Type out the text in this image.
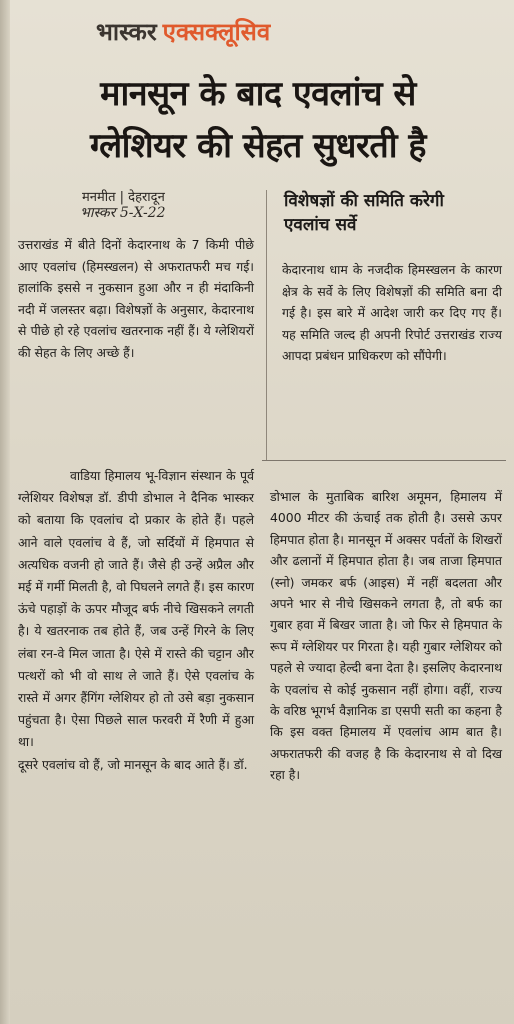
भास्कर एक्सक्लूसिव
मानसून के बाद एवलांच से
ग्लेशियर की सेहत सुधरती है
मनमीत | देहरादून
भास्कर 5-X-22

उत्तराखंड में बीते दिनों केदारनाथ के 7 किमी पीछे आए एवलांच (हिमस्खलन) से अफरातफरी मच गई। हालांकि इससे न नुकसान हुआ और न ही मंदाकिनी नदी में जलस्तर बढ़ा। विशेषज्ञों के अनुसार, केदारनाथ से पीछे हो रहे एवलांच खतरनाक नहीं हैं। ये ग्लेशियरों की सेहत के लिए अच्छे हैं।

विशेषज्ञों की समिति करेगी एवलांच सर्वे

केदारनाथ धाम के नजदीक हिमस्खलन के कारण क्षेत्र के सर्वे के लिए विशेषज्ञों की समिति बना दी गई है। इस बारे में आदेश जारी कर दिए गए हैं। यह समिति जल्द ही अपनी रिपोर्ट उत्तराखंड राज्य आपदा प्रबंधन प्राधिकरण को सौंपेगी।

वाडिया हिमालय भू-विज्ञान संस्थान के पूर्व ग्लेशियर विशेषज्ञ डॉ. डीपी डोभाल ने दैनिक भास्कर को बताया कि एवलांच दो प्रकार के होते हैं। पहले आने वाले एवलांच वे हैं, जो सर्दियों में हिमपात से अत्यधिक वजनी हो जाते हैं। जैसे ही उन्हें अप्रैल और मई में गर्मी मिलती है, वो पिघलने लगते हैं। इस कारण ऊंचे पहाड़ों के ऊपर मौजूद बर्फ नीचे खिसकने लगती है। ये खतरनाक तब होते हैं, जब उन्हें गिरने के लिए लंबा रन-वे मिल जाता है। ऐसे में रास्ते की चट्टान और पत्थरों को भी वो साथ ले जाते हैं। ऐसे एवलांच के रास्ते में अगर हैंगिंग ग्लेशियर हो तो उसे बड़ा नुकसान पहुंचता है। ऐसा पिछले साल फरवरी में रैणी में हुआ था।

दूसरे एवलांच वो हैं, जो मानसून के बाद आते हैं। डॉ.

डोभाल के मुताबिक बारिश अमूमन, हिमालय में 4000 मीटर की ऊंचाई तक होती है। उससे ऊपर हिमपात होता है। मानसून में अक्सर पर्वतों के शिखरों और ढलानों में हिमपात होता है। जब ताजा हिमपात (स्नो) जमकर बर्फ (आइस) में नहीं बदलता और अपने भार से नीचे खिसकने लगता है, तो बर्फ का गुबार हवा में बिखर जाता है। जो फिर से हिमपात के रूप में ग्लेशियर पर गिरता है। यही गुबार ग्लेशियर को पहले से ज्यादा हेल्दी बना देता है। इसलिए केदारनाथ के एवलांच से कोई नुकसान नहीं होगा। वहीं, राज्य के वरिष्ठ भूगर्भ वैज्ञानिक डा एसपी सती का कहना है कि इस वक्त हिमालय में एवलांच आम बात है। अफरातफरी की वजह है कि केदारनाथ से वो दिख रहा है।
